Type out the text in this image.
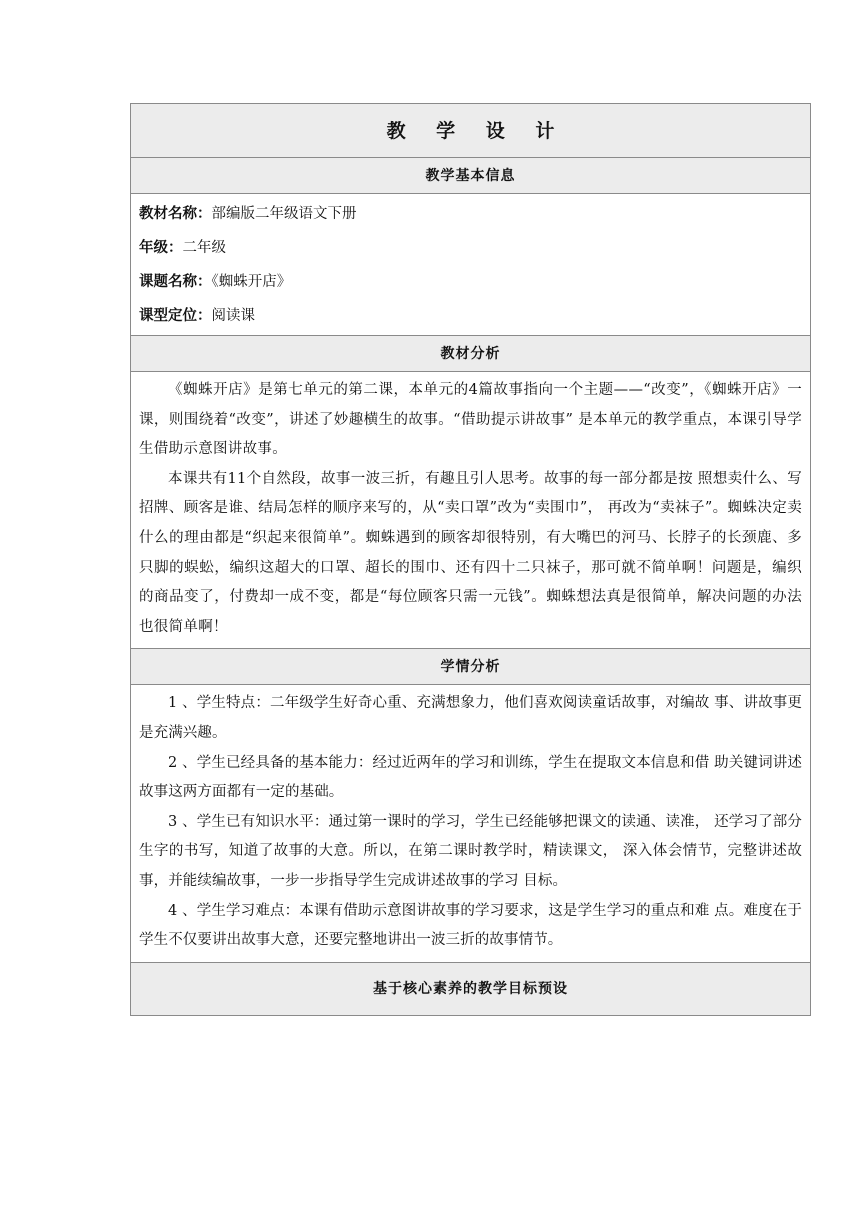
教 学 设 计
教学基本信息
教材名称：部编版二年级语文下册
年级：二年级
课题名称：《蜘蛛开店》
课型定位：阅读课
教材分析

《蜘蛛开店》是第七单元的第二课，本单元的4篇故事指向一个主题——“改变”，《蜘蛛开店》一课，则围绕着“改变”，讲述了妙趣横生的故事。“借助提示讲故事” 是本单元的教学重点，本课引导学生借助示意图讲故事。

本课共有11个自然段，故事一波三折，有趣且引人思考。故事的每一部分都是按 照想卖什么、写招牌、顾客是谁、结局怎样的顺序来写的，从“卖口罩”改为“卖围巾”， 再改为“卖袜子”。蜘蛛决定卖什么的理由都是“织起来很简单”。蜘蛛遇到的顾客却很特别，有大嘴巴的河马、长脖子的长颈鹿、多只脚的蜈蚣，编织这超大的口罩、超长的围巾、还有四十二只袜子，那可就不简单啊！问题是，编织的商品变了，付费却一成不变，都是“每位顾客只需一元钱”。蜘蛛想法真是很简单，解决问题的办法也很简单啊！

学情分析

1 、学生特点：二年级学生好奇心重、充满想象力，他们喜欢阅读童话故事，对编故 事、讲故事更是充满兴趣。

2 、学生已经具备的基本能力：经过近两年的学习和训练，学生在提取文本信息和借 助关键词讲述故事这两方面都有一定的基础。

3 、学生已有知识水平：通过第一课时的学习，学生已经能够把课文的读通、读准， 还学习了部分生字的书写，知道了故事的大意。所以，在第二课时教学时，精读课文， 深入体会情节，完整讲述故事，并能续编故事，一步一步指导学生完成讲述故事的学习 目标。

4 、学生学习难点：本课有借助示意图讲故事的学习要求，这是学生学习的重点和难 点。难度在于学生不仅要讲出故事大意，还要完整地讲出一波三折的故事情节。

基于核心素养的教学目标预设
